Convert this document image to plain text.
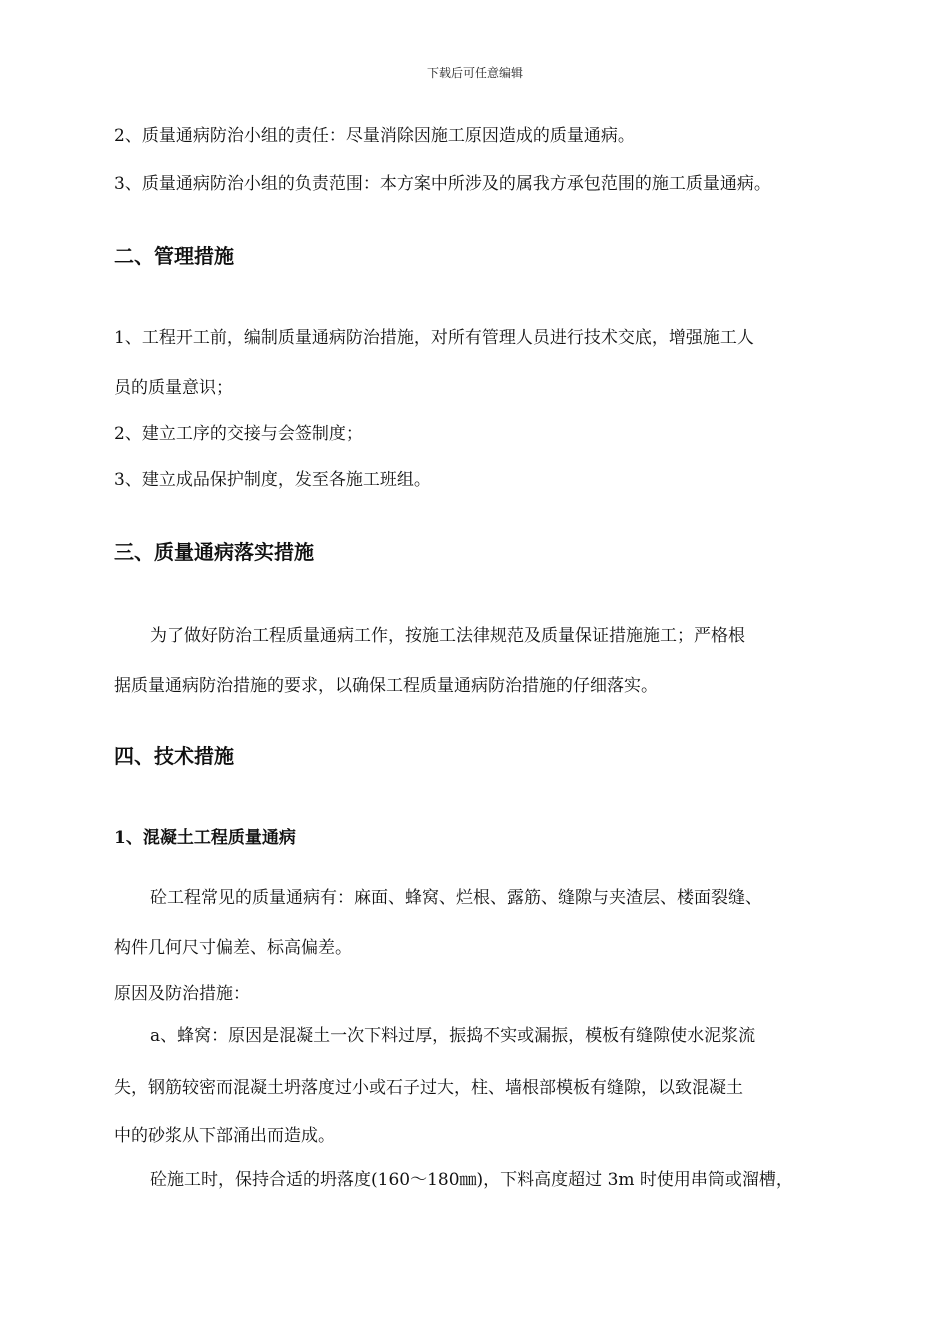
下载后可任意编辑
2、质量通病防治小组的责任：尽量消除因施工原因造成的质量通病。
3、质量通病防治小组的负责范围：本方案中所涉及的属我方承包范围的施工质量通病。
二、管理措施
1、工程开工前，编制质量通病防治措施，对所有管理人员进行技术交底，增强施工人
员的质量意识；
2、建立工序的交接与会签制度；
3、建立成品保护制度，发至各施工班组。
三、质量通病落实措施
为了做好防治工程质量通病工作，按施工法律规范及质量保证措施施工；严格根
据质量通病防治措施的要求，以确保工程质量通病防治措施的仔细落实。
四、技术措施
1、混凝土工程质量通病
砼工程常见的质量通病有：麻面、蜂窝、烂根、露筋、缝隙与夹渣层、楼面裂缝、
构件几何尺寸偏差、标高偏差。
原因及防治措施：
a、蜂窝：原因是混凝土一次下料过厚，振捣不实或漏振，模板有缝隙使水泥浆流
失，钢筋较密而混凝土坍落度过小或石子过大，柱、墙根部模板有缝隙，以致混凝土
中的砂浆从下部涌出而造成。
砼施工时，保持合适的坍落度(160～180㎜)，下料高度超过 3m 时使用串筒或溜槽，
